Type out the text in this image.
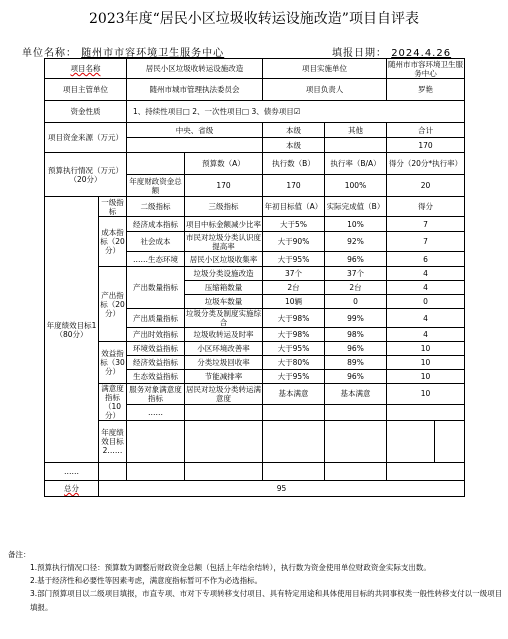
2023年度“居民小区垃圾收转运设施改造”项目自评表
单位名称： 随州市市容环境卫生服务中心	填报日期： 2024.4.26
项目名称		居民小区垃圾收转运设施改造		项目实施单位		随州市市容环境卫生服务中心	
项目主管单位		随州市城市管理执法委员会		项目负责人		罗艳	
资金性质		1、持续性项目□ 2、一次性项目□ 3、债券项目☑					
项目资金来源（万元）		中央、省级		本级	其他	合计	
				本级		170	
预算执行情况（万元）（20分）			预算数（A）	执行数（B）	执行率（B/A）	得分（20分*执行率）	
		年度财政资金总额	170	170	100%	20	
年度绩效目标1（80分）	一级指标	二级指标	三级指标	年初目标值（A）	实际完成值（B）	得分	
	成本指标（20分）	经济成本指标	项目中标金额减少比率	大于5%	10%	7	
		社会成本	市民对垃圾分类认识度提高率	大于90%	92%	7	
		……生态环境	居民小区垃圾收集率	大于95%	96%	6	
	产出指标（20分）	产出数量指标	垃圾分类设施改造	37个	37个	4	
			压缩箱数量	2台	2台	4	
			垃圾车数量	10辆	0	0	
		产出质量指标	垃圾分类及制度实施综合	大于98%	99%	4	
		产出时效指标	垃圾收转运及时率	大于98%	98%	4	
	效益指标（30分）	环境效益指标	小区环境改善率	大于95%	96%	10	
		经济效益指标	分类垃圾回收率	大于80%	89%	10	
		生态效益指标	节能减排率	大于95%	96%	10	
	满意度指标（10分）	服务对象满意度指标	居民对垃圾分类转运满意度	基本满意	基本满意	10	
		……					
	年度绩效目标2……						
……							
总分	95						
备注：
1.预算执行情况口径：预算数为调整后财政资金总额（包括上年结余结转），执行数为资金使用单位财政资金实际支出数。
2.基于经济性和必要性等因素考虑，满意度指标暂可不作为必选指标。
3.部门预算项目以二级项目填报，市直专项、市对下专项转移支付项目、具有特定用途和具体使用目标的共同事权类一般性转移支付以一级项目填报。
